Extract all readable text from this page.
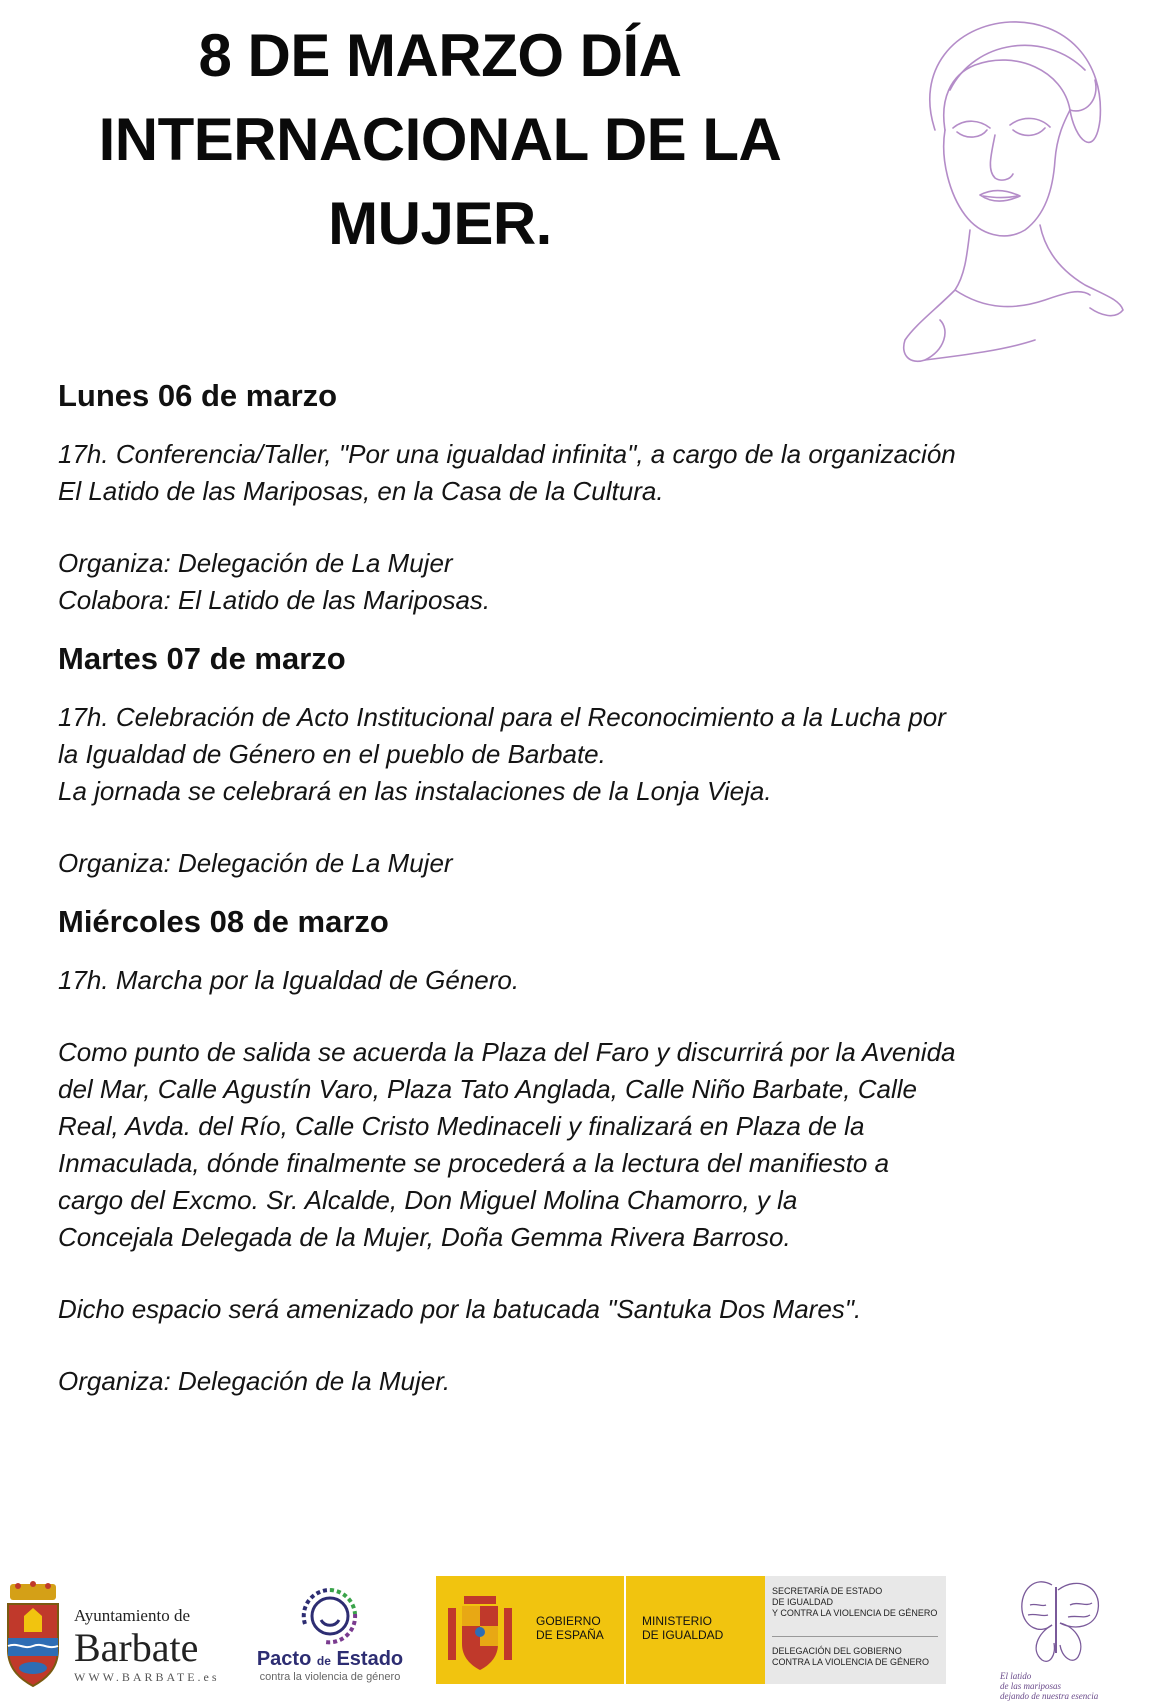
8 DE MARZO DÍA
INTERNACIONAL DE LA
MUJER.
Lunes 06 de marzo
17h. Conferencia/Taller, "Por una igualdad infinita", a cargo de la organización
El Latido de las Mariposas, en la Casa de la Cultura.
Organiza: Delegación de La Mujer
Colabora: El Latido de las Mariposas.
Martes 07 de marzo
17h. Celebración de Acto Institucional para el Reconocimiento a la Lucha por
la Igualdad de Género en el pueblo de Barbate.
La jornada se celebrará en las instalaciones de la Lonja Vieja.
Organiza: Delegación de La Mujer
Miércoles 08 de marzo
17h. Marcha por la Igualdad de Género.
Como punto de salida se acuerda la Plaza del Faro y discurrirá por la Avenida
del Mar, Calle Agustín Varo, Plaza Tato Anglada, Calle Niño Barbate, Calle
Real, Avda. del Río, Calle Cristo Medinaceli y finalizará en Plaza de la
Inmaculada, dónde finalmente se procederá a la lectura del manifiesto a
cargo del Excmo. Sr. Alcalde, Don Miguel Molina Chamorro, y la
Concejala Delegada de la Mujer, Doña Gemma Rivera Barroso.
Dicho espacio será amenizado por la batucada "Santuka Dos Mares".
Organiza: Delegación de la Mujer.
Ayuntamiento de
Barbate
WWW.BARBATE.es
Pacto de Estado
contra la violencia de género
GOBIERNO
DE ESPAÑA
MINISTERIO
DE IGUALDAD
SECRETARÍA DE ESTADO
DE IGUALDAD
Y CONTRA LA VIOLENCIA DE GÉNERO
DELEGACIÓN DEL GOBIERNO
CONTRA LA VIOLENCIA DE GÉNERO
El latido
de las mariposas
dejando de nuestra esencia
